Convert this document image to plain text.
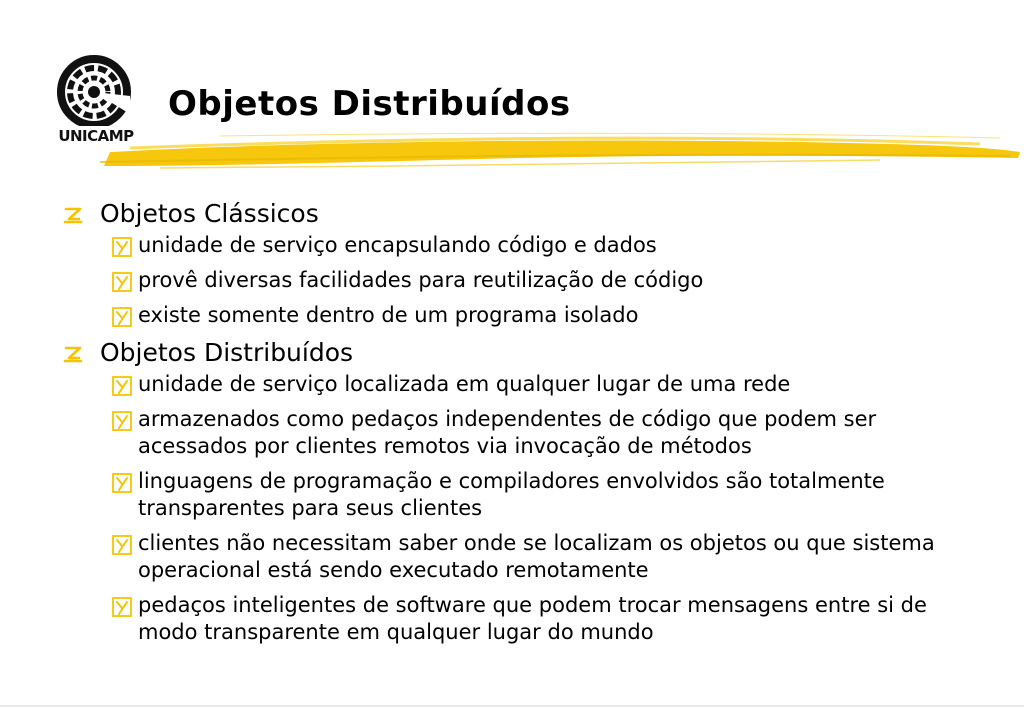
UNICAMP
Objetos Distribuídos
Objetos Clássicos
unidade de serviço encapsulando código e dados
provê diversas facilidades para reutilização de código
existe somente dentro de um programa isolado
Objetos Distribuídos
unidade de serviço localizada em qualquer lugar de uma rede
armazenados como pedaços independentes de código que podem ser acessados por clientes remotos via invocação de métodos
linguagens de programação e compiladores envolvidos são totalmente transparentes para seus clientes
clientes não necessitam saber onde se localizam os objetos ou que sistema operacional está sendo executado remotamente
pedaços inteligentes de software que podem trocar mensagens entre si de modo transparente em qualquer lugar do mundo
